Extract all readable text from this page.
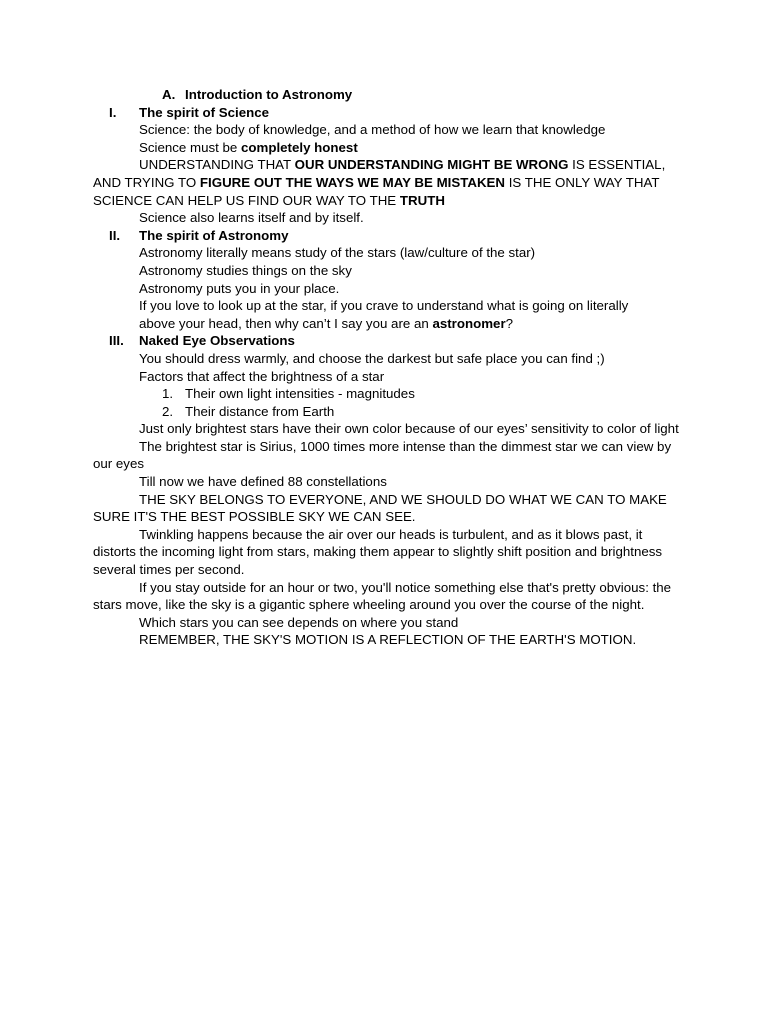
A. Introduction to Astronomy
I. The spirit of Science
Science: the body of knowledge, and a method of how we learn that knowledge
Science must be completely honest

UNDERSTANDING THAT OUR UNDERSTANDING MIGHT BE WRONG IS ESSENTIAL, AND TRYING TO FIGURE OUT THE WAYS WE MAY BE MISTAKEN IS THE ONLY WAY THAT SCIENCE CAN HELP US FIND OUR WAY TO THE TRUTH

Science also learns itself and by itself.
II. The spirit of Astronomy
Astronomy literally means study of the stars (law/culture of the star)
Astronomy studies things on the sky
Astronomy puts you in your place.
If you love to look up at the star, if you crave to understand what is going on literally
above your head, then why can’t I say you are an astronomer?
III. Naked Eye Observations
You should dress warmly, and choose the darkest but safe place you can find ;)
Factors that affect the brightness of a star
1. Their own light intensities - magnitudes
2. Their distance from Earth

Just only brightest stars have their own color because of our eyes’ sensitivity to color of light

The brightest star is Sirius, 1000 times more intense than the dimmest star we can view by our eyes

Till now we have defined 88 constellations

THE SKY BELONGS TO EVERYONE, AND WE SHOULD DO WHAT WE CAN TO MAKE SURE IT'S THE BEST POSSIBLE SKY WE CAN SEE.

Twinkling happens because the air over our heads is turbulent, and as it blows past, it distorts the incoming light from stars, making them appear to slightly shift position and brightness several times per second.

If you stay outside for an hour or two, you'll notice something else that's pretty obvious: the stars move, like the sky is a gigantic sphere wheeling around you over the course of the night.

Which stars you can see depends on where you stand
REMEMBER, THE SKY'S MOTION IS A REFLECTION OF THE EARTH'S MOTION.
